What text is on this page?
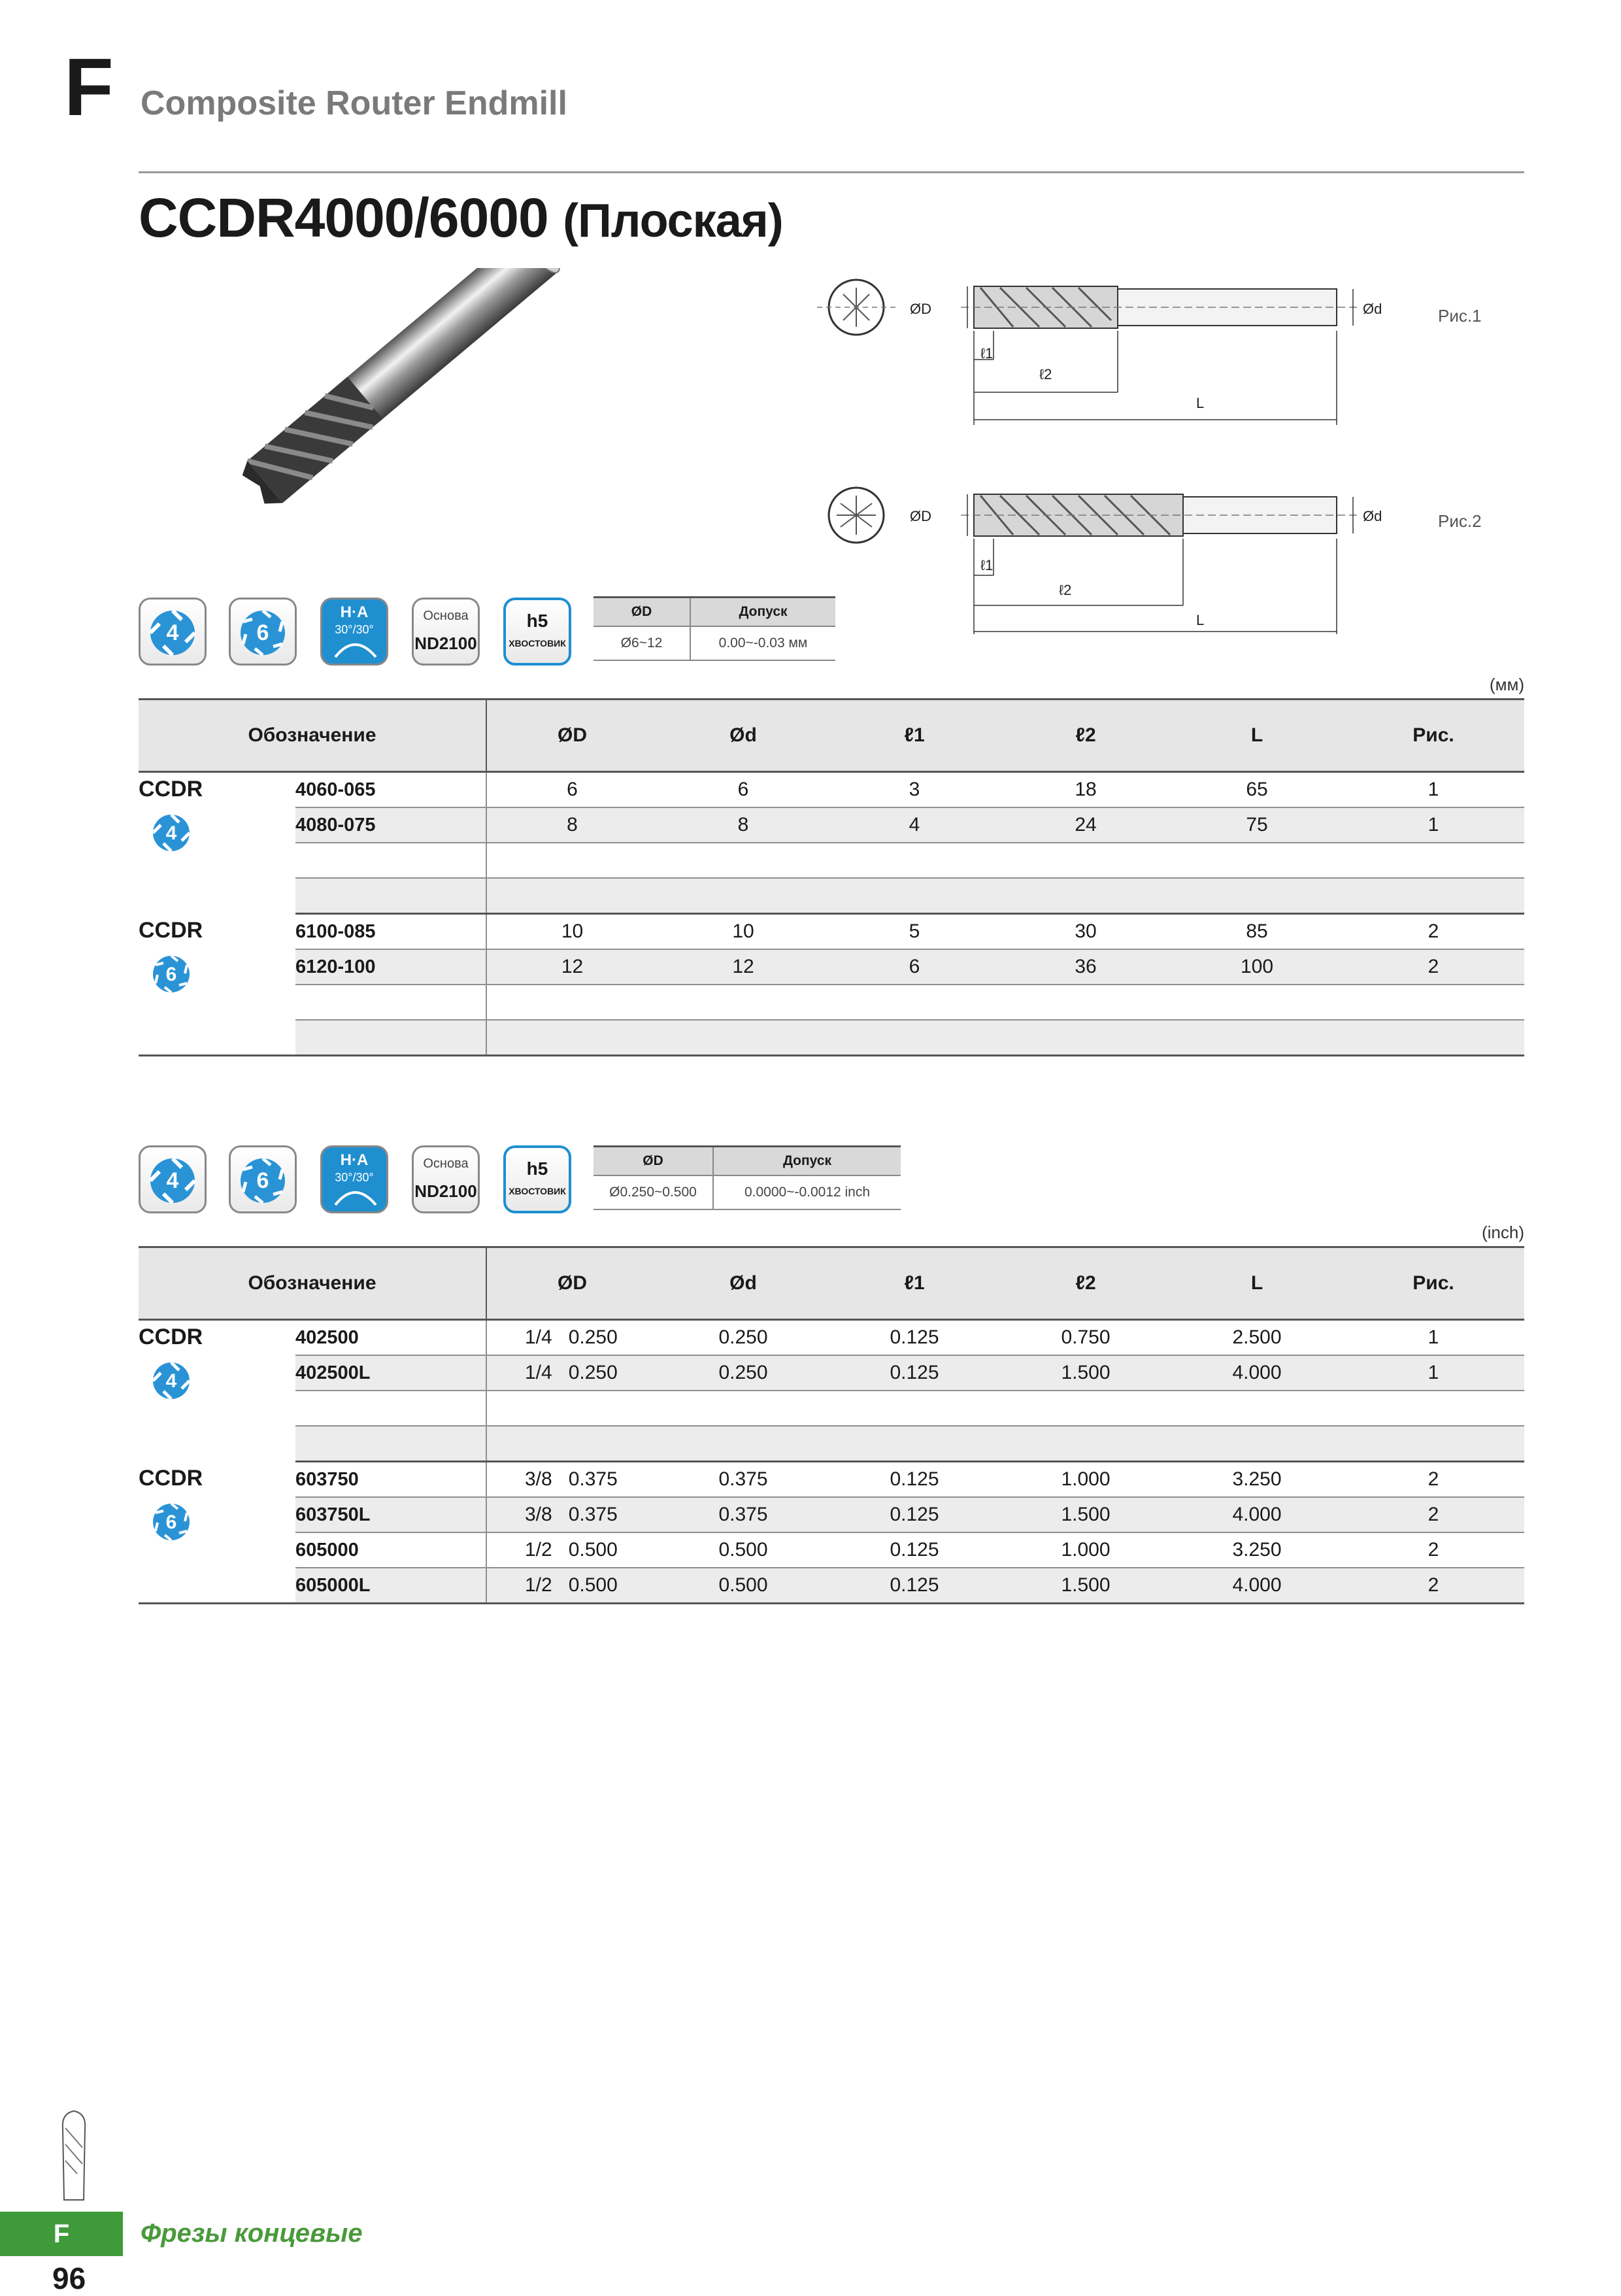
F Composite Router Endmill
CCDR4000/6000 (Плоская)
ØD	Ød	Рис.1
ℓ1
ℓ2
L
ØD	Ød	Рис.2
ℓ1
ℓ2
L
4	6
H·A
30°/30°
Основа
ND2100
h5
ХВОСТОВИК
ØD	Допуск
Ø6~12	0.00~-0.03 мм
(мм)
Обозначение		ØD	Ød	ℓ1	ℓ2	L	Рис.

CCDR
4	4060-065	6	6	3	18	65	1
	4080-075	8	8	4	24	75	1

CCDR
6	6100-085	10	10	5	30	85	2
	6120-100	12	12	6	36	100	2

4	6
H·A
30°/30°
Основа
ND2100
h5
ХВОСТОВИК
ØD	Допуск
Ø0.250~0.500	0.0000~-0.0012 inch
(inch)
Обозначение		ØD	Ød	ℓ1	ℓ2	L	Рис.

CCDR
4	402500	1/4   0.250	0.250	0.125	0.750	2.500	1
	402500L	1/4   0.250	0.250	0.125	1.500	4.000	1

CCDR
6	603750	3/8   0.375	0.375	0.125	1.000	3.250	2
	603750L	3/8   0.375	0.375	0.125	1.500	4.000	2
	605000	1/2   0.500	0.500	0.125	1.000	3.250	2
	605000L	1/2   0.500	0.500	0.125	1.500	4.000	2
F	Фрезы концевые
96
